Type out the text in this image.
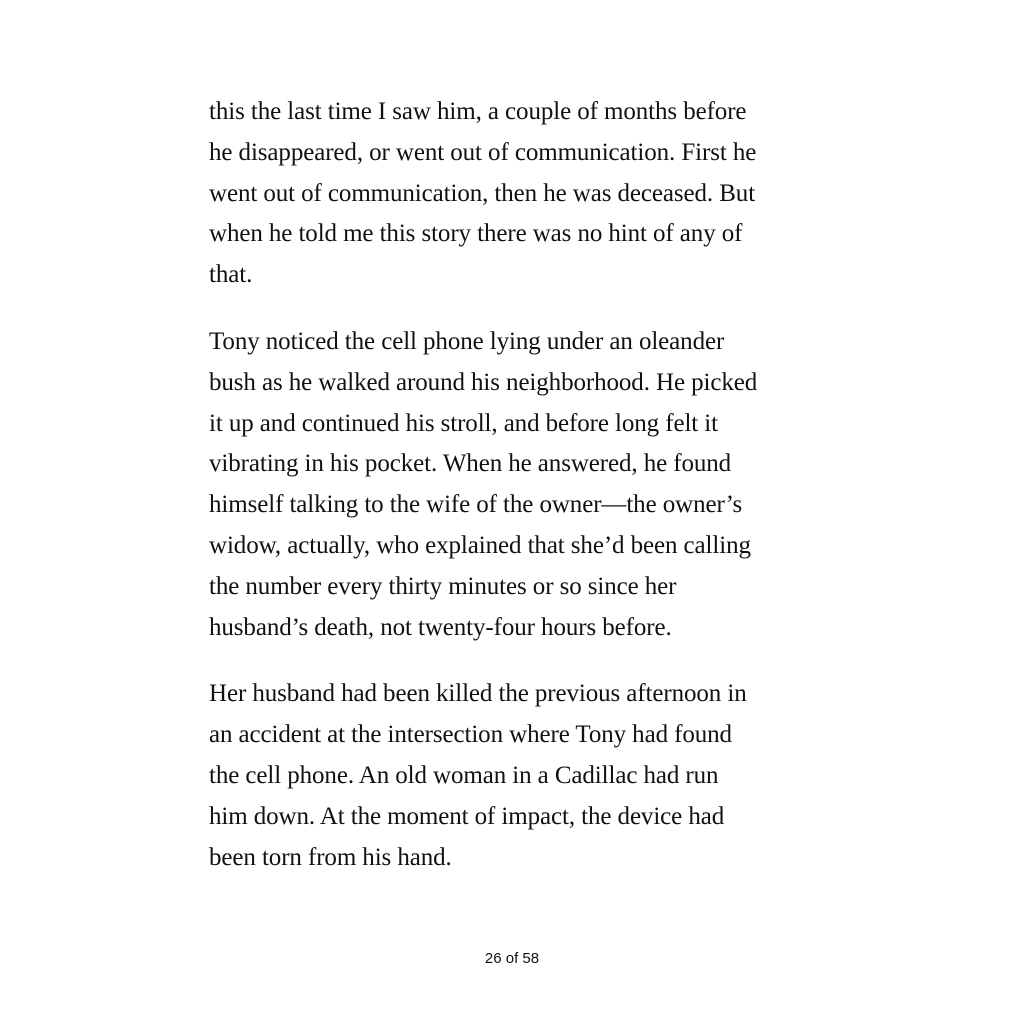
this the last time I saw him, a couple of months before
he disappeared, or went out of communication. First he
went out of communication, then he was deceased. But
when he told me this story there was no hint of any of
that.
Tony noticed the cell phone lying under an oleander
bush as he walked around his neighborhood. He picked
it up and continued his stroll, and before long felt it
vibrating in his pocket. When he answered, he found
himself talking to the wife of the owner—the owner’s
widow, actually, who explained that she’d been calling
the number every thirty minutes or so since her
husband’s death, not twenty-four hours before.
Her husband had been killed the previous afternoon in
an accident at the intersection where Tony had found
the cell phone. An old woman in a Cadillac had run
him down. At the moment of impact, the device had
been torn from his hand.
26 of 58
